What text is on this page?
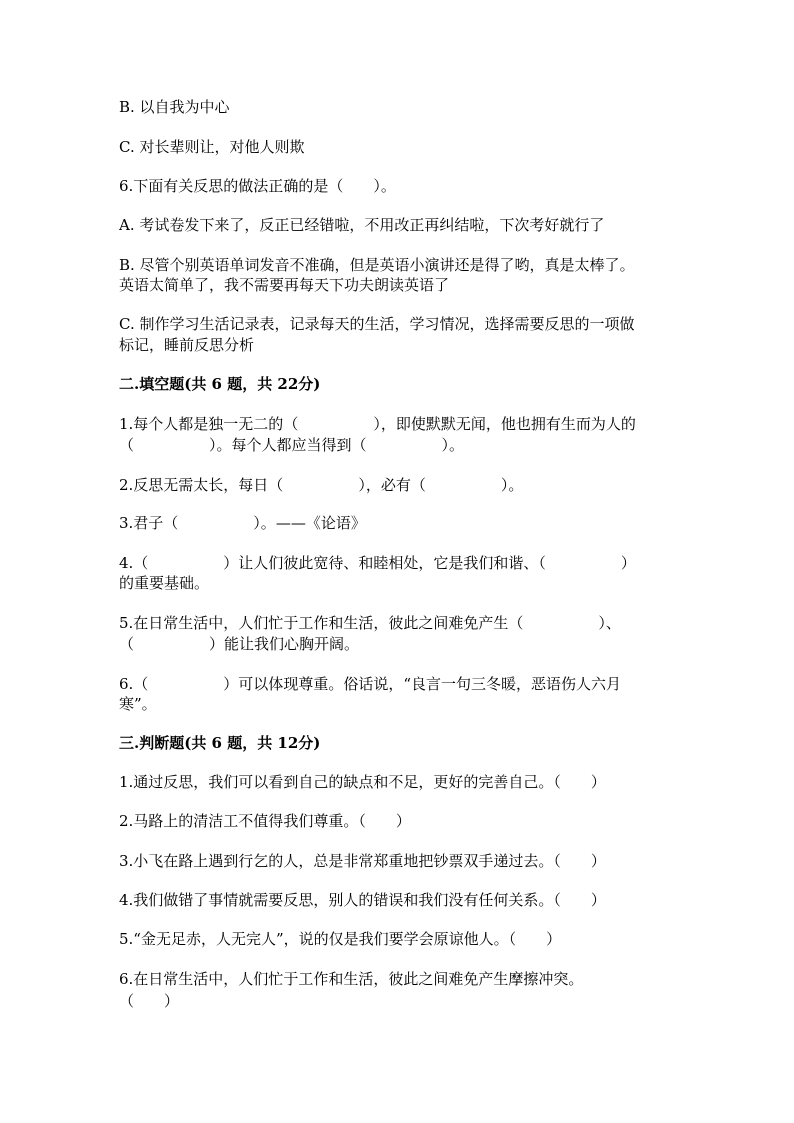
B. 以自我为中心
C. 对长辈则让，对他人则欺
6.下面有关反思的做法正确的是（　　）。
A. 考试卷发下来了，反正已经错啦，不用改正再纠结啦，下次考好就行了
B. 尽管个别英语单词发音不准确，但是英语小演讲还是得了哟，真是太棒了。
英语太简单了，我不需要再每天下功夫朗读英语了
C. 制作学习生活记录表，记录每天的生活，学习情况，选择需要反思的一项做
标记，睡前反思分析
二.填空题(共 6 题，共 22分)
1.每个人都是独一无二的（　　　　　），即使默默无闻，他也拥有生而为人的
（　　　　　）。每个人都应当得到（　　　　　）。
2.反思无需太长，每日（　　　　　），必有（　　　　　）。
3.君子（　　　　　）。——《论语》
4.（　　　　　）让人们彼此宽待、和睦相处，它是我们和谐、（　　　　　）
的重要基础。
5.在日常生活中，人们忙于工作和生活，彼此之间难免产生（　　　　　）、
（　　　　　）能让我们心胸开阔。
6.（　　　　　）可以体现尊重。俗话说，“良言一句三冬暖，恶语伤人六月
寒”。
三.判断题(共 6 题，共 12分)
1.通过反思，我们可以看到自己的缺点和不足，更好的完善自己。（　　）
2.马路上的清洁工不值得我们尊重。（　　）
3.小飞在路上遇到行乞的人，总是非常郑重地把钞票双手递过去。（　　）
4.我们做错了事情就需要反思，别人的错误和我们没有任何关系。（　　）
5.“金无足赤，人无完人”，说的仅是我们要学会原谅他人。（　　）
6.在日常生活中，人们忙于工作和生活，彼此之间难免产生摩擦冲突。
（　　）
